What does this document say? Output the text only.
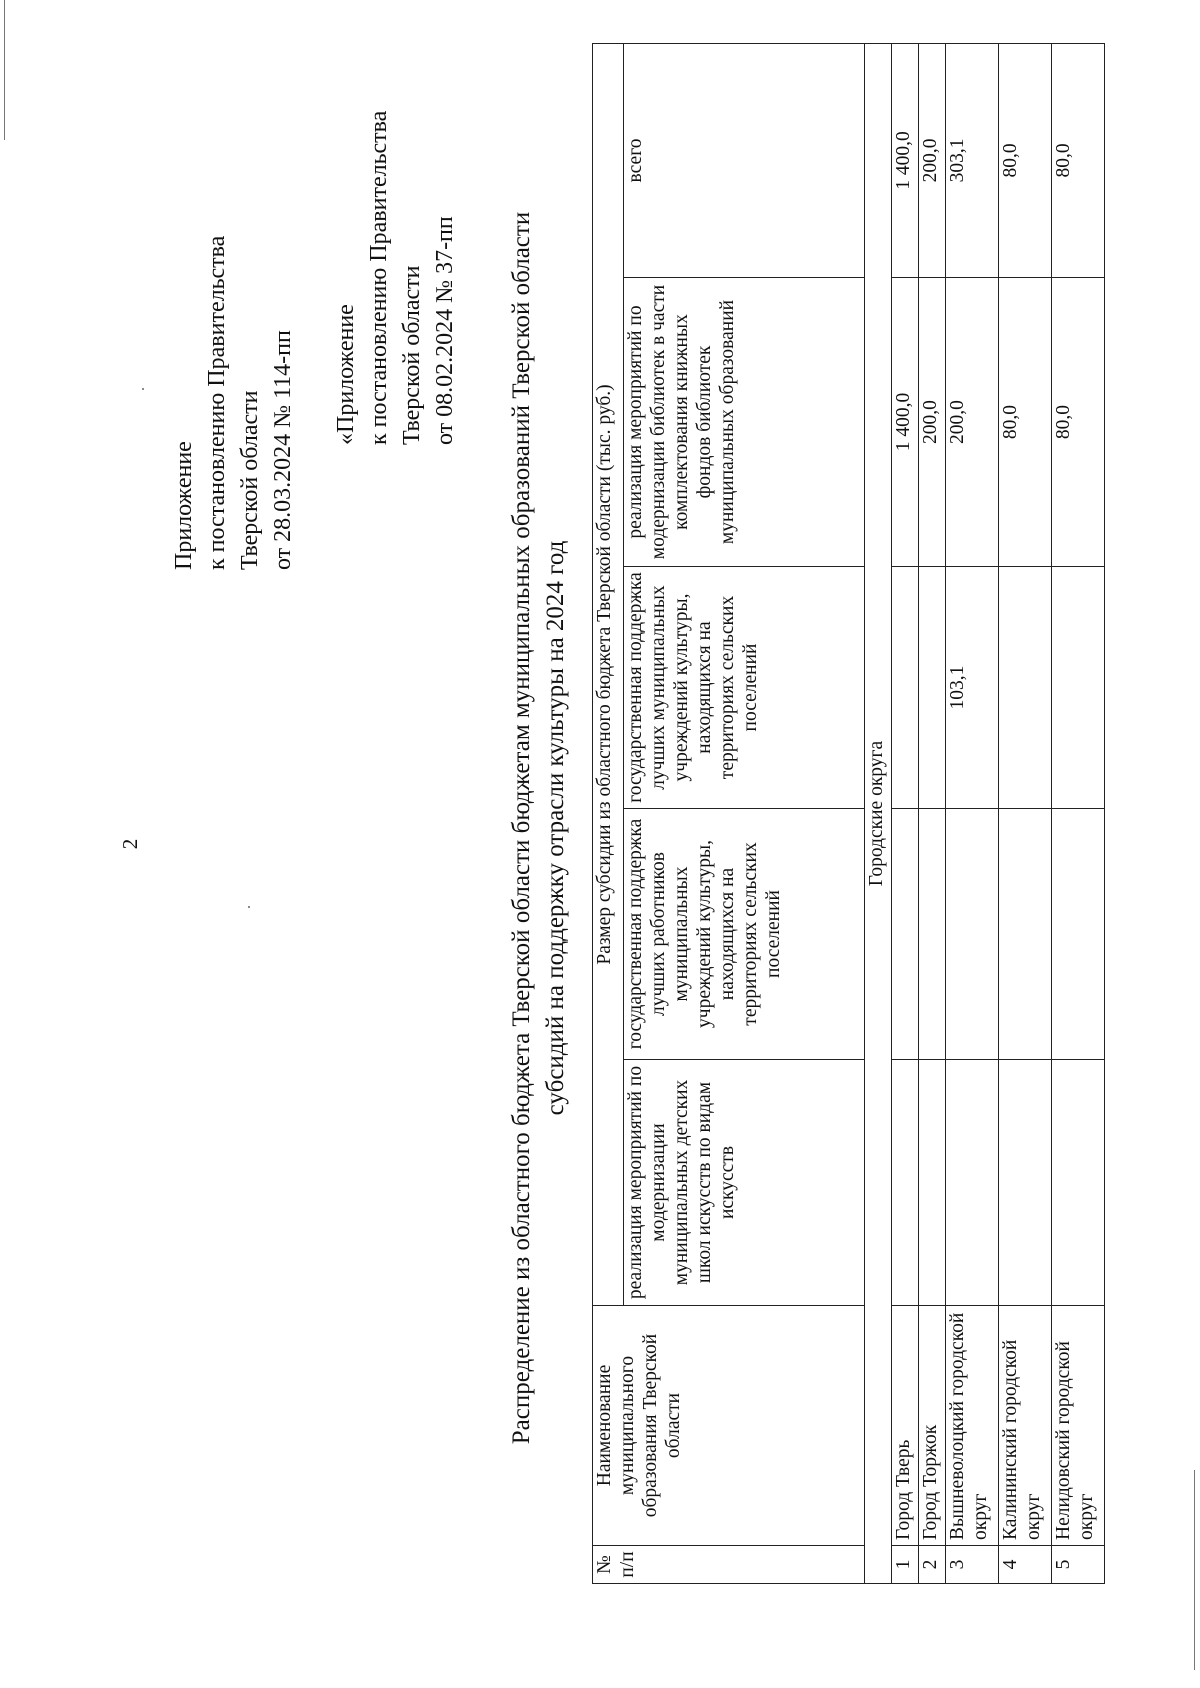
2
Приложение к постановлению Правительства Тверской области от 28.03.2024 № 114-пп «Приложение к постановлению Правительства Тверской области от 08.02.2024 № 37-пп Распределение из областного бюджета Тверской области бюджетам муниципальных образований Тверской области субсидий на поддержку отрасли культуры на 2024 год
№ п/п	Наименование муниципального образования Тверской области	Размер субсидии из областного бюджета Тверской области (тыс. руб.)				
		реализация мероприятий по модернизации муниципальных детских школ искусств по видам искусств	государственная поддержка лучших работников муниципальных учреждений культуры, находящихся на территориях сельских поселений	государственная поддержка лучших муниципальных учреждений культуры, находящихся на территориях сельских поселений	реализация мероприятий по модернизации библиотек в части комплектования книжных фондов библиотек муниципальных образований	всего
Городские округа						
1	Город Тверь				1 400,0	1 400,0
2	Город Торжок				200,0	200,0
3	Вышневолоцкий городской округ			103,1	200,0	303,1
4	Калининский городской округ				80,0	80,0
5	Нелидовский городской округ				80,0	80,0
